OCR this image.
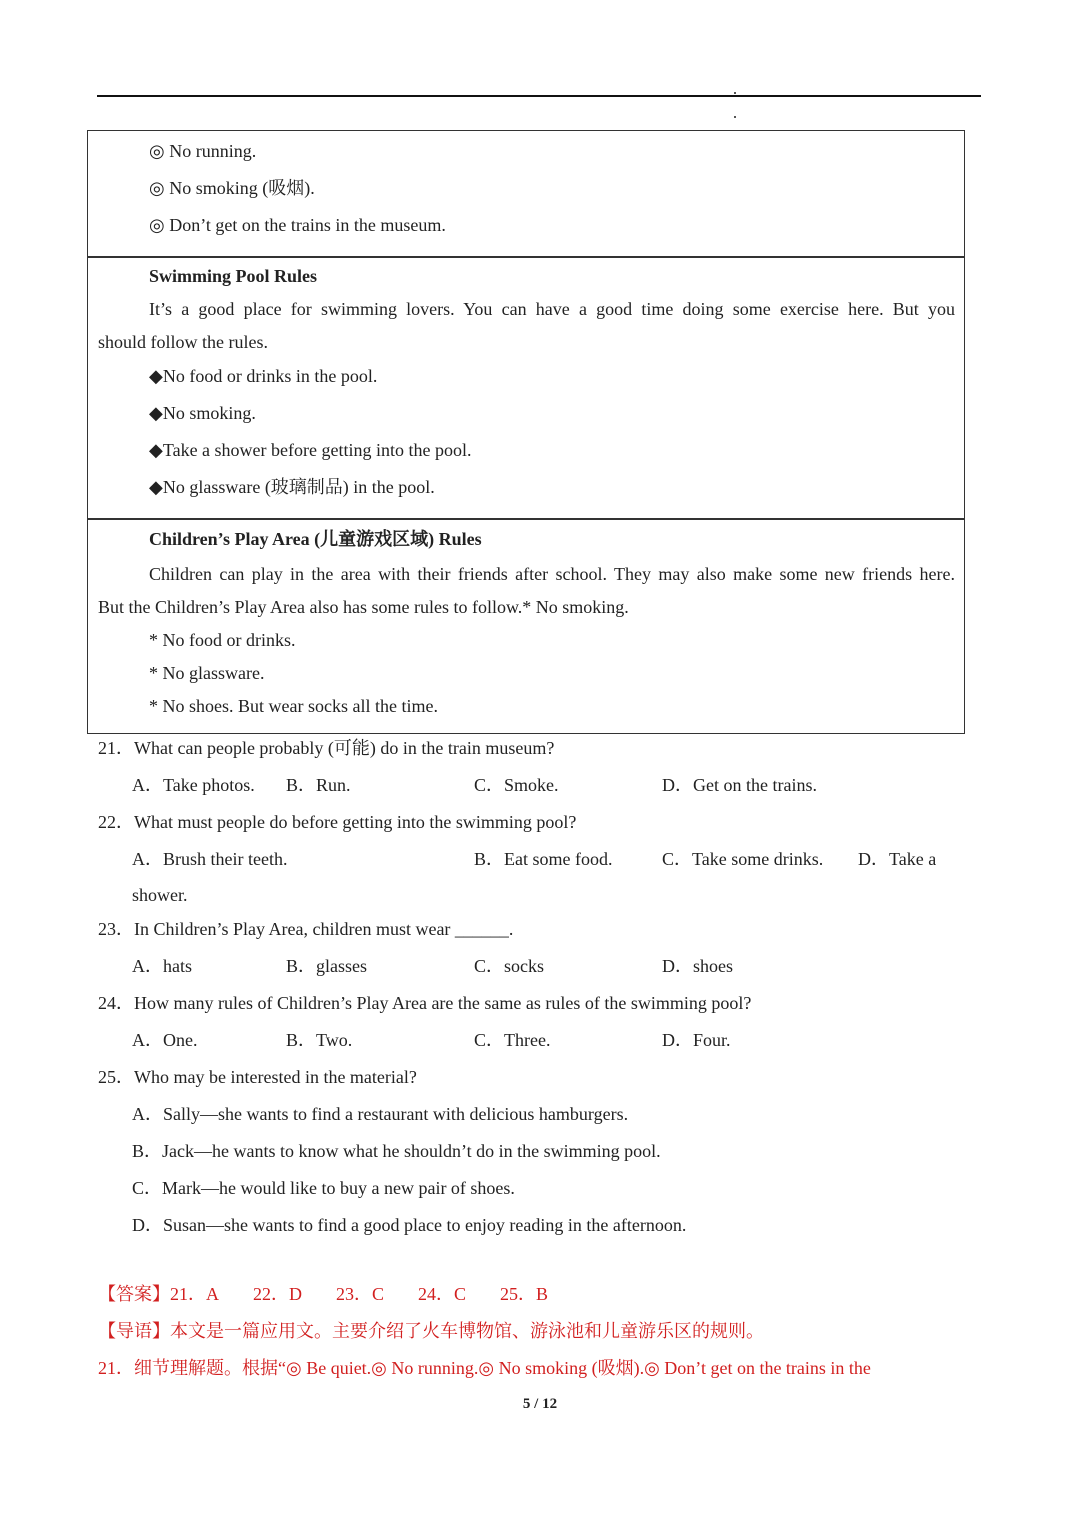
◎ No running.
◎ No smoking (吸烟).
◎ Don’t get on the trains in the museum.
Swimming Pool Rules
It’s a good place for swimming lovers. You can have a good time doing some exercise here. But you
should follow the rules.
◆No food or drinks in the pool.
◆No smoking.
◆Take a shower before getting into the pool.
◆No glassware (玻璃制品) in the pool.
Children’s Play Area (儿童游戏区域) Rules
Children can play in the area with their friends after school. They may also make some new friends here.
But the Children’s Play Area also has some rules to follow.* No smoking.
* No food or drinks.
* No glassware.
* No shoes. But wear socks all the time.
21．What can people probably (可能) do in the train museum?
A．Take photos. B．Run.	C．Smoke.	D．Get on the trains.
22．What must people do before getting into the swimming pool?
A．Brush their teeth.	B．Eat some food.	C．Take some drinks. D．Take a
shower.
23．In Children’s Play Area, children must wear ______.
A．hats	B．glasses	C．socks	D．shoes
24．How many rules of Children’s Play Area are the same as rules of the swimming pool?
A．One.	B．Two.	C．Three.	D．Four.
25．Who may be interested in the material?
A．Sally—she wants to find a restaurant with delicious hamburgers.
B．Jack—he wants to know what he shouldn’t do in the swimming pool.
C．Mark—he would like to buy a new pair of shoes.
D．Susan—she wants to find a good place to enjoy reading in the afternoon.
【答案】21．A 22．D 23．C 24．C 25．B
【导语】本文是一篇应用文。主要介绍了火车博物馆、游泳池和儿童游乐区的规则。
21．细节理解题。根据“◎ Be quiet.◎ No running.◎ No smoking (吸烟).◎ Don’t get on the trains in the
5 / 12
